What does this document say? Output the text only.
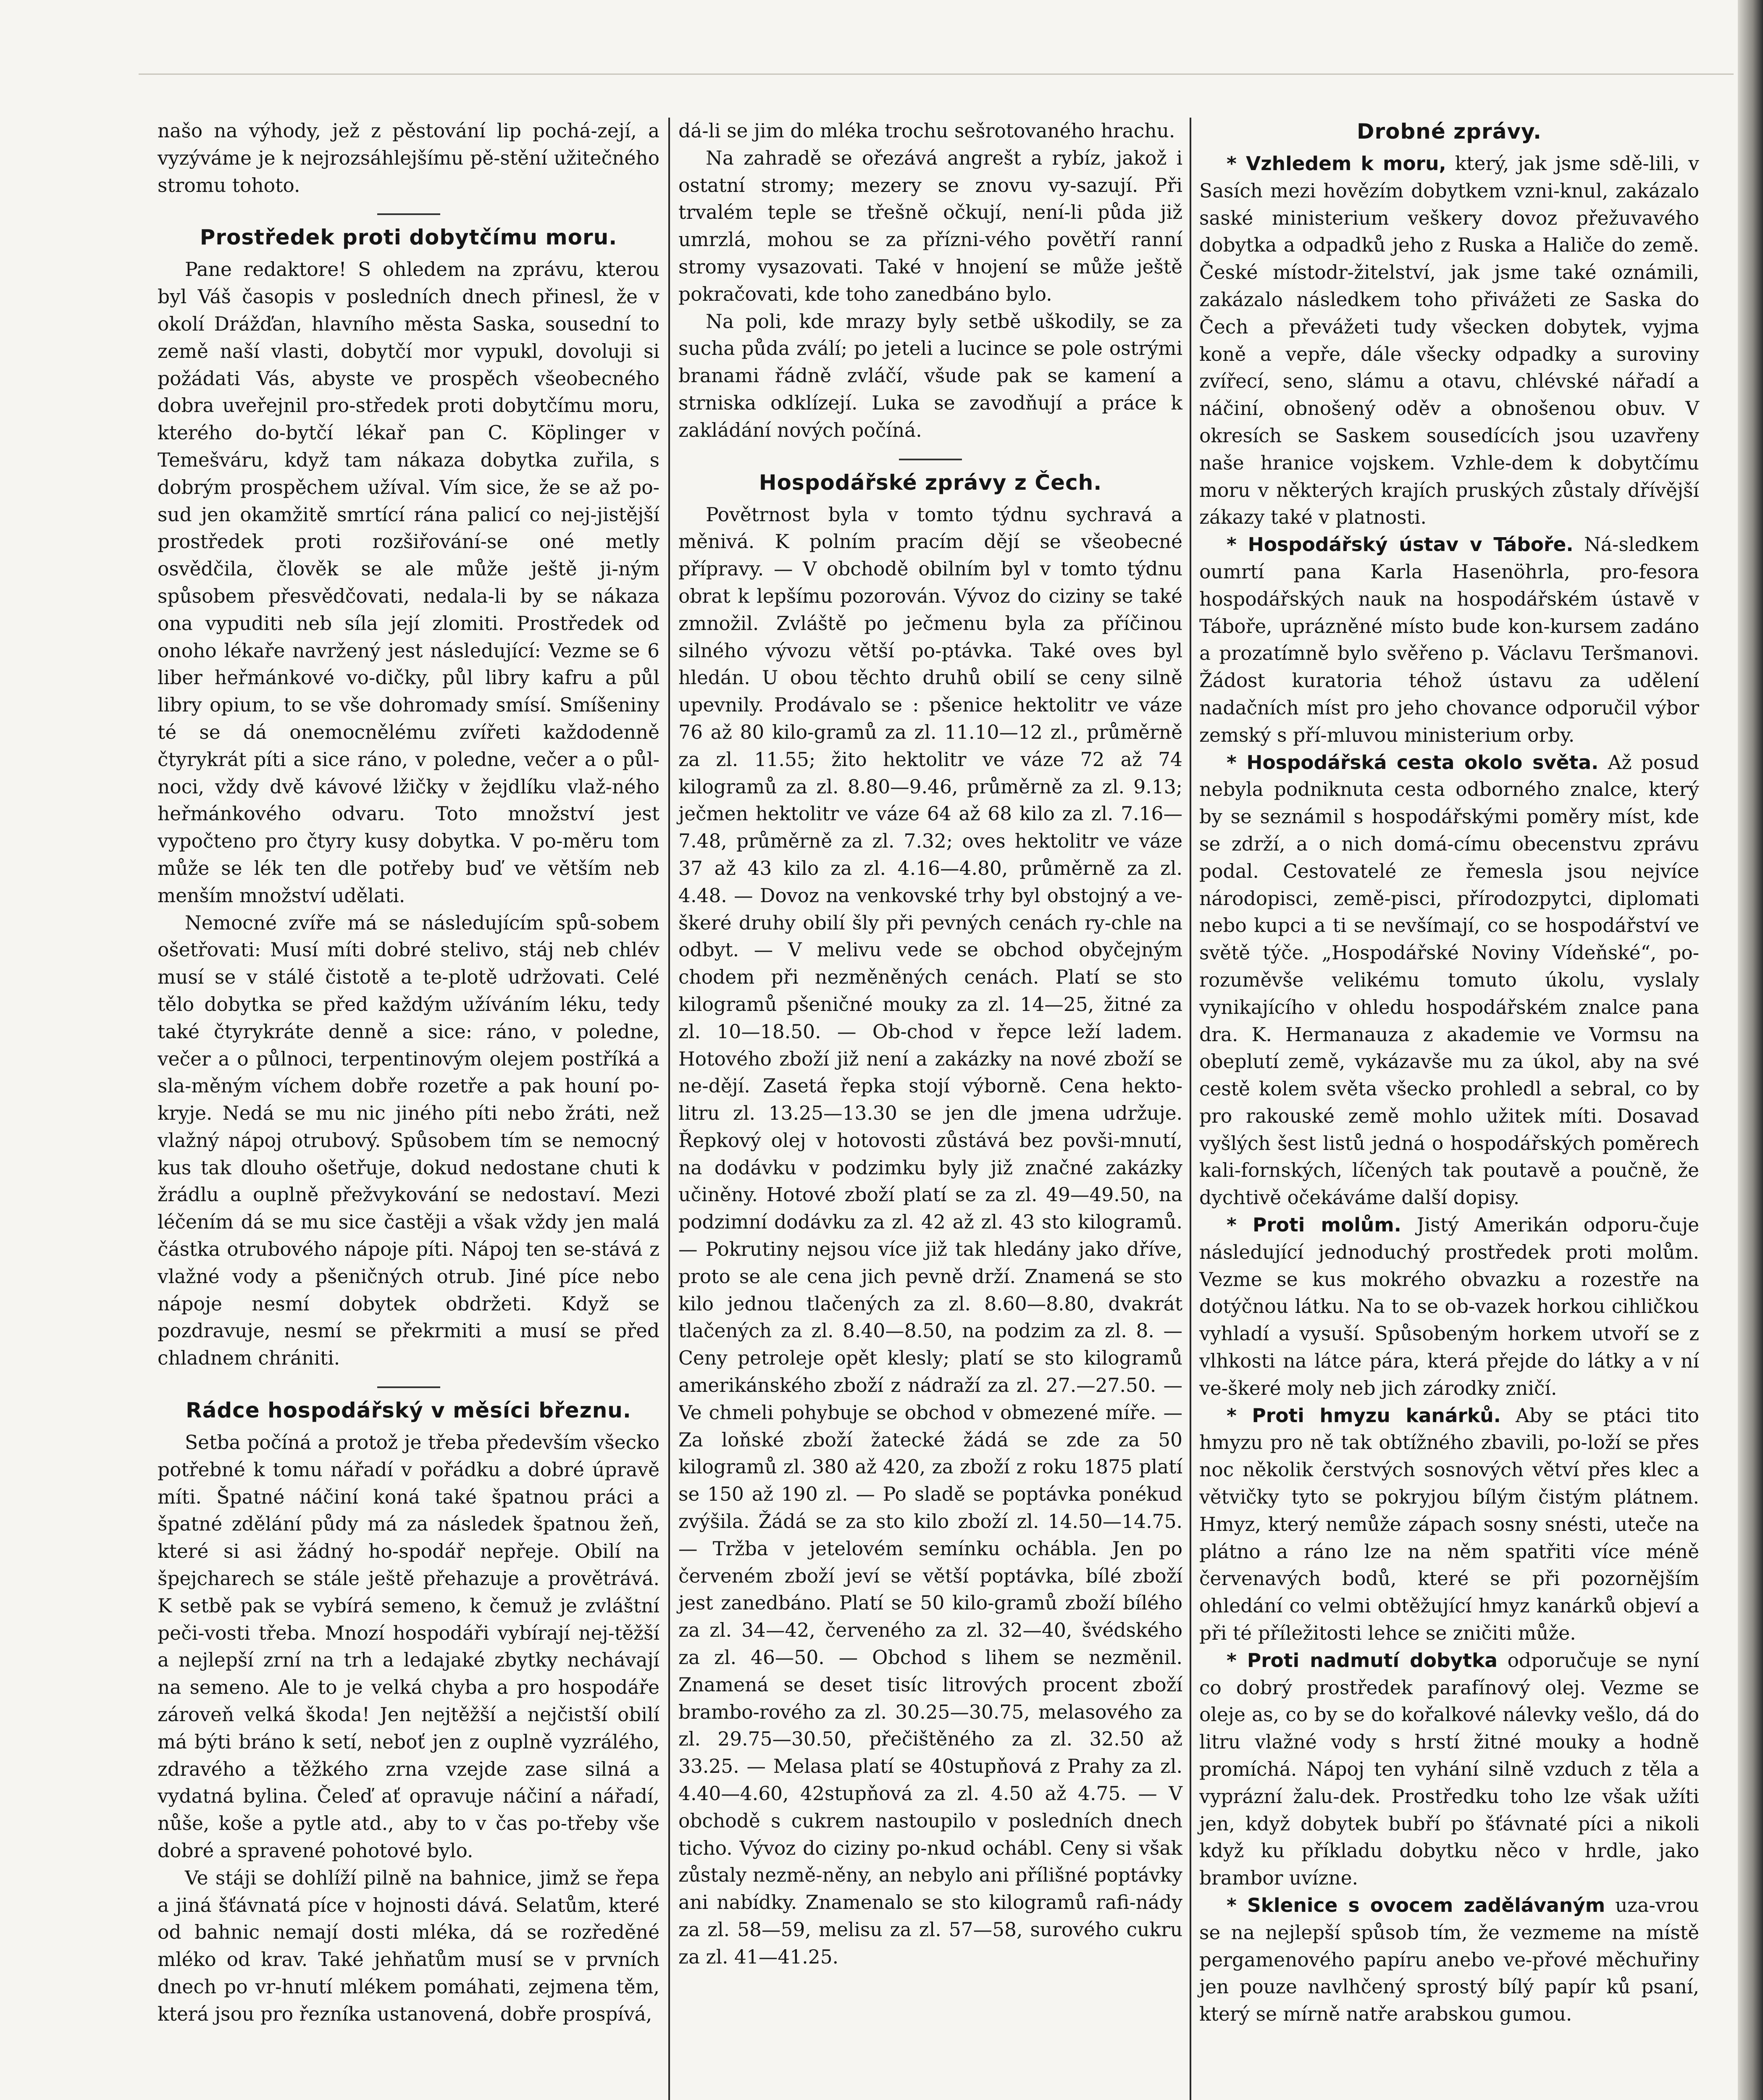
našo na výhody, jež z pěstování lip pochá-zejí, a vyzýváme je k nejrozsáhlejšímu pě-stění užitečného stromu tohoto.

Prostředek proti dobytčímu moru.

Pane redaktore! S ohledem na zprávu, kterou byl Váš časopis v posledních dnech přinesl, že v okolí Drážďan, hlavního města Saska, sousední to země naší vlasti, dobytčí mor vypukl, dovoluji si požádati Vás, abyste ve prospěch všeobecného dobra uveřejnil pro-středek proti dobytčímu moru, kterého do-bytčí lékař pan C. Köplinger v Temešváru, když tam nákaza dobytka zuřila, s dobrým prospěchem užíval. Vím sice, že se až po-sud jen okamžitě smrtící rána palicí co nej-jistější prostředek proti rozšiřování-se oné metly osvědčila, člověk se ale může ještě ji-ným spůsobem přesvědčovati, nedala-li by se nákaza ona vypuditi neb síla její zlomiti. Prostředek od onoho lékaře navržený jest následující: Vezme se 6 liber heřmánkové vo-dičky, půl libry kafru a půl libry opium, to se vše dohromady smísí. Smíšeniny té se dá onemocnělému zvířeti každodenně čtyrykrát píti a sice ráno, v poledne, večer a o půl-noci, vždy dvě kávové lžičky v žejdlíku vlaž-ného heřmánkového odvaru. Toto množství jest vypočteno pro čtyry kusy dobytka. V po-měru tom může se lék ten dle potřeby buď ve větším neb menším množství udělati.

Nemocné zvíře má se následujícím spů-sobem ošetřovati: Musí míti dobré stelivo, stáj neb chlév musí se v stálé čistotě a te-plotě udržovati. Celé tělo dobytka se před každým užíváním léku, tedy také čtyrykráte denně a sice: ráno, v poledne, večer a o půlnoci, terpentinovým olejem postříká a sla-měným víchem dobře rozetře a pak houní po-kryje. Nedá se mu nic jiného píti nebo žráti, než vlažný nápoj otrubový. Spůsobem tím se nemocný kus tak dlouho ošetřuje, dokud nedostane chuti k žrádlu a ouplně přežvykování se nedostaví. Mezi léčením dá se mu sice častěji a však vždy jen malá částka otrubového nápoje píti. Nápoj ten se-stává z vlažné vody a pšeničných otrub. Jiné píce nebo nápoje nesmí dobytek obdržeti. Když se pozdravuje, nesmí se překrmiti a musí se před chladnem chrániti.

Rádce hospodářský v měsíci březnu.

Setba počíná a protož je třeba především všecko potřebné k tomu nářadí v pořádku a dobré úpravě míti. Špatné náčiní koná také špatnou práci a špatné zdělání půdy má za následek špatnou žeň, které si asi žádný ho-spodář nepřeje. Obilí na špejcharech se stále ještě přehazuje a provětrává. K setbě pak se vybírá semeno, k čemuž je zvláštní peči-vosti třeba. Mnozí hospodáři vybírají nej-těžší a nejlepší zrní na trh a ledajaké zbytky nechávají na semeno. Ale to je velká chyba a pro hospodáře zároveň velká škoda! Jen nejtěžší a nejčistší obilí má býti bráno k setí, neboť jen z ouplně vyzrálého, zdravého a těžkého zrna vzejde zase silná a vydatná bylina. Čeleď ať opravuje náčiní a nářadí, nůše, koše a pytle atd., aby to v čas po-třeby vše dobré a spravené pohotové bylo.

Ve stáji se dohlíží pilně na bahnice, jimž se řepa a jiná šťávnatá píce v hojnosti dává. Selatům, které od bahnic nemají dosti mléka, dá se rozředěné mléko od krav. Také jehňatům musí se v prvních dnech po vr-hnutí mlékem pomáhati, zejmena těm, která jsou pro řezníka ustanovená, dobře prospívá,

dá-li se jim do mléka trochu sešrotovaného hrachu.

Na zahradě se ořezává angrešt a rybíz, jakož i ostatní stromy; mezery se znovu vy-sazují. Při trvalém teple se třešně očkují, není-li půda již umrzlá, mohou se za přízni-vého povětří ranní stromy vysazovati. Také v hnojení se může ještě pokračovati, kde toho zanedbáno bylo.

Na poli, kde mrazy byly setbě uškodily, se za sucha půda zválí; po jeteli a lucince se pole ostrými branami řádně zvláčí, všude pak se kamení a strniska odklízejí. Luka se zavodňují a práce k zakládání nových počíná.

Hospodářské zprávy z Čech.

Povětrnost byla v tomto týdnu sychravá a měnivá. K polním pracím dějí se všeobecné přípravy. — V obchodě obilním byl v tomto týdnu obrat k lepšímu pozorován. Vývoz do ciziny se také zmnožil. Zvláště po ječmenu byla za příčinou silného vývozu větší po-ptávka. Také oves byl hledán. U obou těchto druhů obilí se ceny silně upevnily. Prodávalo se : pšenice hektolitr ve váze 76 až 80 kilo-gramů za zl. 11.10—12 zl., průměrně za zl. 11.55; žito hektolitr ve váze 72 až 74 kilogramů za zl. 8.80—9.46, průměrně za zl. 9.13; ječmen hektolitr ve váze 64 až 68 kilo za zl. 7.16—7.48, průměrně za zl. 7.32; oves hektolitr ve váze 37 až 43 kilo za zl. 4.16—4.80, průměrně za zl. 4.48. — Dovoz na venkovské trhy byl obstojný a ve-škeré druhy obilí šly při pevných cenách ry-chle na odbyt. — V melivu vede se obchod obyčejným chodem při nezměněných cenách. Platí se sto kilogramů pšeničné mouky za zl. 14—25, žitné za zl. 10—18.50. — Ob-chod v řepce leží ladem. Hotového zboží již není a zakázky na nové zboží se ne-dějí. Zasetá řepka stojí výborně. Cena hekto-litru zl. 13.25—13.30 se jen dle jmena udržuje. Řepkový olej v hotovosti zůstává bez povši-mnutí, na dodávku v podzimku byly již značné zakázky učiněny. Hotové zboží platí se za zl. 49—49.50, na podzimní dodávku za zl. 42 až zl. 43 sto kilogramů. — Pokrutiny nejsou více již tak hledány jako dříve, proto se ale cena jich pevně drží. Znamená se sto kilo jednou tlačených za zl. 8.60—8.80, dvakrát tlačených za zl. 8.40—8.50, na podzim za zl. 8. — Ceny petroleje opět klesly; platí se sto kilogramů amerikánského zboží z nádraží za zl. 27.—27.50. — Ve chmeli pohybuje se obchod v obmezené míře. — Za loňské zboží žatecké žádá se zde za 50 kilogramů zl. 380 až 420, za zboží z roku 1875 platí se 150 až 190 zl. — Po sladě se poptávka ponékud zvýšila. Žádá se za sto kilo zboží zl. 14.50—14.75. — Tržba v jetelovém semínku ochábla. Jen po červeném zboží jeví se větší poptávka, bílé zboží jest zanedbáno. Platí se 50 kilo-gramů zboží bílého za zl. 34—42, červeného za zl. 32—40, švédského za zl. 46—50. — Obchod s lihem se nezměnil. Znamená se deset tisíc litrových procent zboží brambo-rového za zl. 30.25—30.75, melasového za zl. 29.75—30.50, přečištěného za zl. 32.50 až 33.25. — Melasa platí se 40stupňová z Prahy za zl. 4.40—4.60, 42stupňová za zl. 4.50 až 4.75. — V obchodě s cukrem nastoupilo v posledních dnech ticho. Vývoz do ciziny po-nkud ochábl. Ceny si však zůstaly nezmě-něny, an nebylo ani přílišné poptávky ani nabídky. Znamenalo se sto kilogramů rafi-nády za zl. 58—59, melisu za zl. 57—58, surového cukru za zl. 41—41.25.

Drobné zprávy.

* Vzhledem k moru, který, jak jsme sdě-lili, v Sasích mezi hovězím dobytkem vzni-knul, zakázalo saské ministerium veškery dovoz přežuvavého dobytka a odpadků jeho z Ruska a Haliče do země. České místodr-žitelství, jak jsme také oznámili, zakázalo následkem toho přivážeti ze Saska do Čech a převážeti tudy všecken dobytek, vyjma koně a vepře, dále všecky odpadky a suroviny zvířecí, seno, slámu a otavu, chlévské nářadí a náčiní, obnošený oděv a obnošenou obuv. V okresích se Saskem sousedících jsou uzavřeny naše hranice vojskem. Vzhle-dem k dobytčímu moru v některých krajích pruských zůstaly dřívější zákazy také v platnosti.

* Hospodářský ústav v Táboře. Ná-sledkem oumrtí pana Karla Hasenöhrla, pro-fesora hospodářských nauk na hospodářském ústavě v Táboře, uprázněné místo bude kon-kursem zadáno a prozatímně bylo svěřeno p. Václavu Teršmanovi. Žádost kuratoria téhož ústavu za udělení nadačních míst pro jeho chovance odporučil výbor zemský s pří-mluvou ministerium orby.

* Hospodářská cesta okolo světa. Až posud nebyla podniknuta cesta odborného znalce, který by se seznámil s hospodářskými poměry míst, kde se zdrží, a o nich domá-címu obecenstvu zprávu podal. Cestovatelé ze řemesla jsou nejvíce národopisci, země-pisci, přírodozpytci, diplomati nebo kupci a ti se nevšímají, co se hospodářství ve světě týče. „Hospodářské Noviny Vídeňské“, po-rozuměvše velikému tomuto úkolu, vyslaly vynikajícího v ohledu hospodářském znalce pana dra. K. Hermanauza z akademie ve Vormsu na obeplutí země, vykázavše mu za úkol, aby na své cestě kolem světa všecko prohledl a sebral, co by pro rakouské země mohlo užitek míti. Dosavad vyšlých šest listů jedná o hospodářských poměrech kali-fornských, líčených tak poutavě a poučně, že dychtivě očekáváme další dopisy.

* Proti molům. Jistý Amerikán odporu-čuje následující jednoduchý prostředek proti molům. Vezme se kus mokrého obvazku a rozestře na dotýčnou látku. Na to se ob-vazek horkou cihličkou vyhladí a vysuší. Spůsobeným horkem utvoří se z vlhkosti na látce pára, která přejde do látky a v ní ve-škeré moly neb jich zárodky zničí.

* Proti hmyzu kanárků. Aby se ptáci tito hmyzu pro ně tak obtížného zbavili, po-loží se přes noc několik čerstvých sosnových větví přes klec a větvičky tyto se pokryjou bílým čistým plátnem. Hmyz, který nemůže zápach sosny snésti, uteče na plátno a ráno lze na něm spatřiti více méně červenavých bodů, které se při pozornějším ohledání co velmi obtěžující hmyz kanárků objeví a při té příležitosti lehce se zničiti může.

* Proti nadmutí dobytka odporučuje se nyní co dobrý prostředek parafínový olej. Vezme se oleje as, co by se do kořalkové nálevky vešlo, dá do litru vlažné vody s hrstí žitné mouky a hodně promíchá. Nápoj ten vyhání silně vzduch z těla a vyprázní žalu-dek. Prostředku toho lze však užíti jen, když dobytek bubří po šťávnaté píci a nikoli když ku příkladu dobytku něco v hrdle, jako brambor uvízne.

* Sklenice s ovocem zadělávaným uza-vrou se na nejlepší spůsob tím, že vezmeme na místě pergamenového papíru anebo ve-přové měchuřiny jen pouze navlhčený sprostý bílý papír ků psaní, který se mírně natře arabskou gumou.
